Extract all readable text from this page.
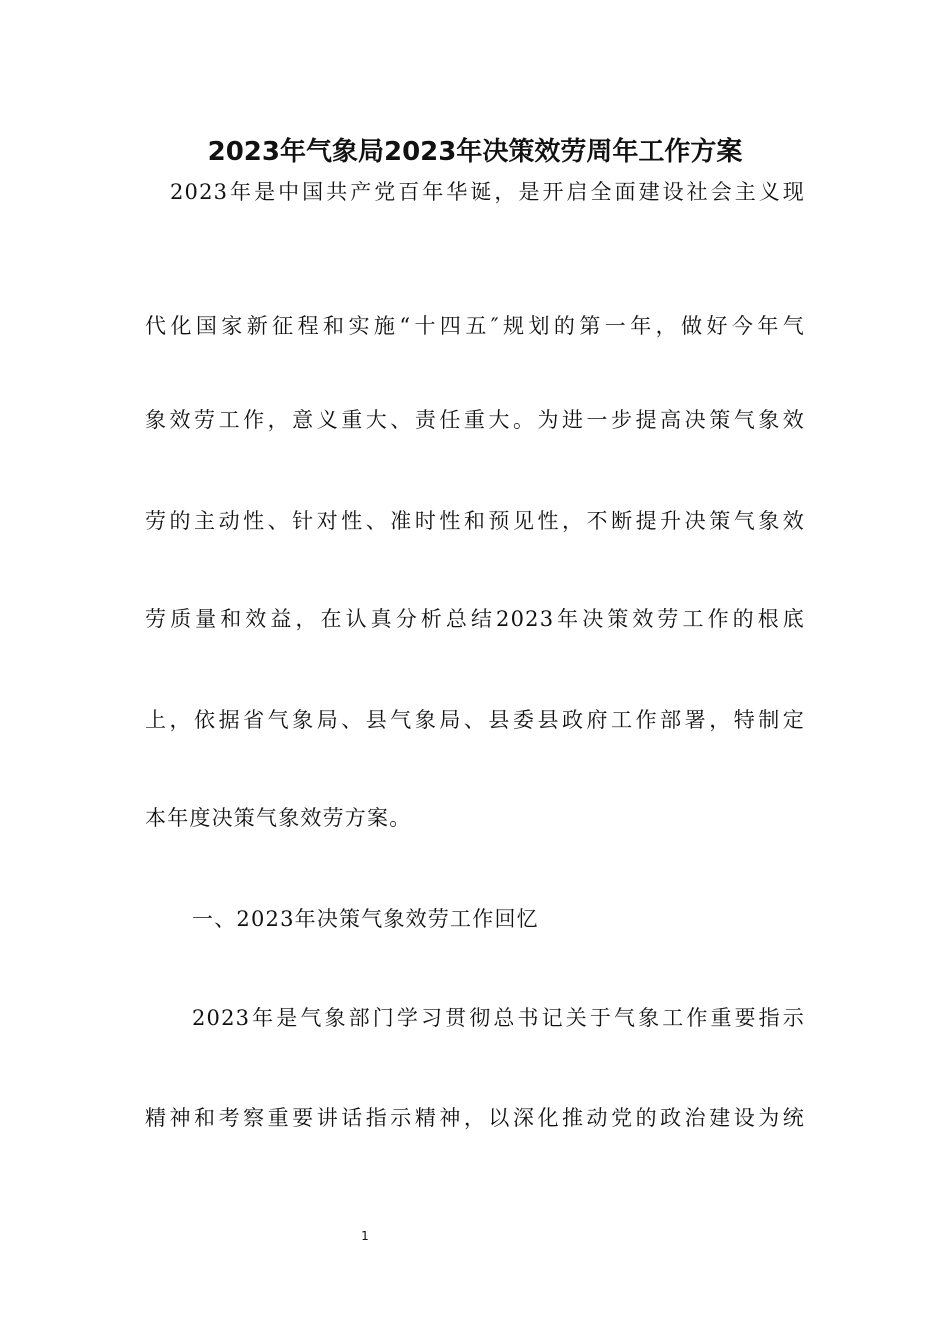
2023年气象局2023年决策效劳周年工作方案
2023年是中国共产党百年华诞，是开启全面建设社会主义现
代化国家新征程和实施“十四五″规划的第一年，做好今年气
象效劳工作，意义重大、责任重大。为进一步提高决策气象效
劳的主动性、针对性、准时性和预见性，不断提升决策气象效
劳质量和效益，在认真分析总结2023年决策效劳工作的根底
上，依据省气象局、县气象局、县委县政府工作部署，特制定
本年度决策气象效劳方案。
一、2023年决策气象效劳工作回忆
2023年是气象部门学习贯彻总书记关于气象工作重要指示
精神和考察重要讲话指示精神，以深化推动党的政治建设为统
1
